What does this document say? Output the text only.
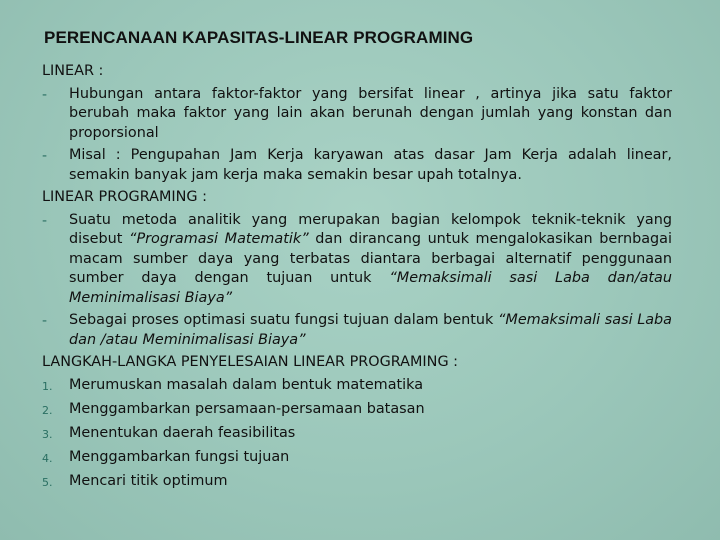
PERENCANAAN KAPASITAS-LINEAR PROGRAMING
LINEAR :
-	Hubungan antara faktor-faktor yang bersifat linear , artinya jika satu faktor berubah maka faktor yang lain akan berunah dengan jumlah yang konstan dan proporsional
-	Misal : Pengupahan Jam Kerja karyawan atas dasar Jam Kerja adalah linear, semakin banyak jam kerja maka semakin besar upah totalnya.
LINEAR PROGRAMING :
-	Suatu metoda analitik yang merupakan bagian kelompok teknik-teknik yang disebut “Programasi Matematik” dan dirancang untuk mengalokasikan bernbagai macam sumber daya yang terbatas diantara berbagai alternatif penggunaan sumber daya dengan tujuan untuk “Memaksimali sasi Laba dan/atau Meminimalisasi Biaya”
-	Sebagai proses optimasi suatu fungsi tujuan dalam bentuk “Memaksimali sasi Laba dan /atau Meminimalisasi Biaya”
LANGKAH-LANGKA PENYELESAIAN LINEAR PROGRAMING :
1.	Merumuskan masalah dalam bentuk matematika
2.	Menggambarkan persamaan-persamaan batasan
3.	Menentukan daerah feasibilitas
4.	Menggambarkan fungsi tujuan
5.	Mencari titik optimum
